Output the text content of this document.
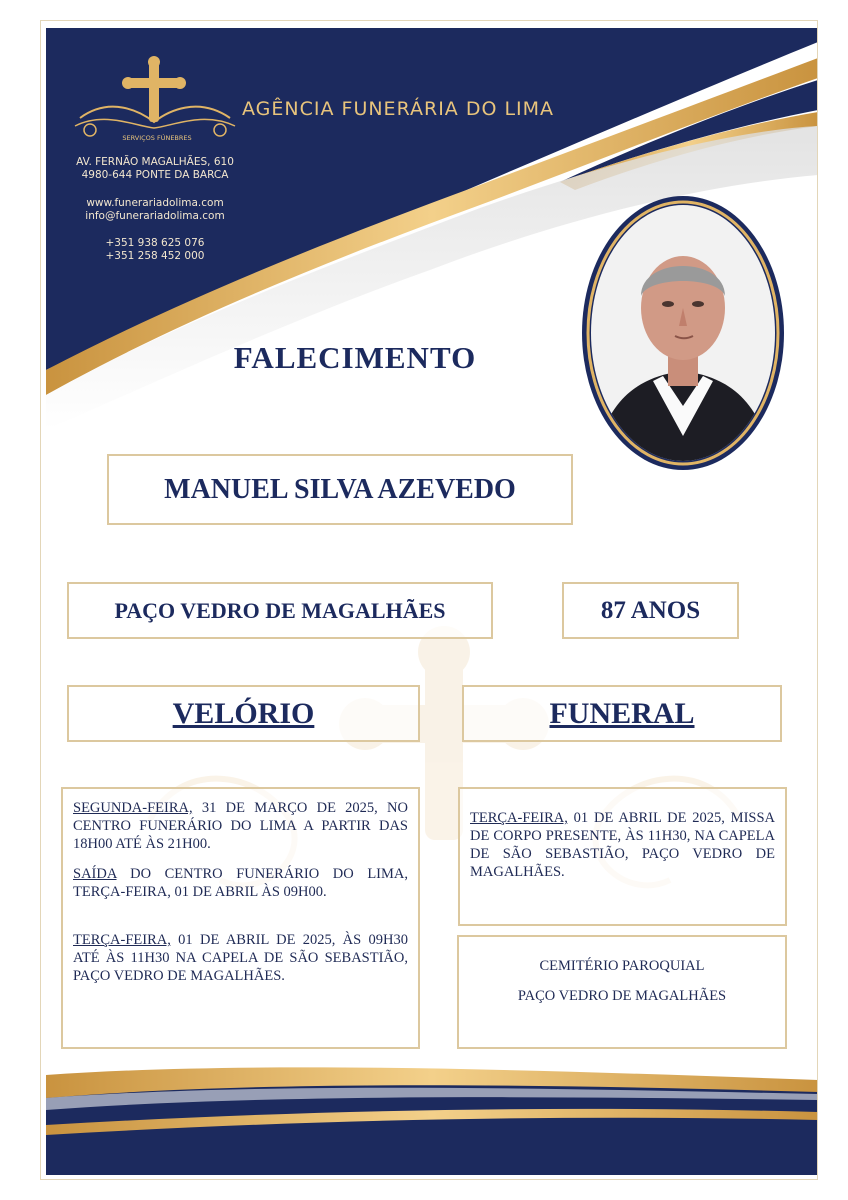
SERVIÇOS FÚNEBRES
AGÊNCIA FUNERÁRIA DO LIMA
AV. FERNÃO MAGALHÃES, 610
4980-644 PONTE DA BARCA
www.funerariadolima.com
info@funerariadolima.com
+351 938 625 076
+351 258 452 000
FALECIMENTO
MANUEL SILVA AZEVEDO
PAÇO VEDRO DE MAGALHÃES	87 ANOS
VELÓRIO	FUNERAL

SEGUNDA-FEIRA, 31 DE MARÇO DE 2025, NO CENTRO FUNERÁRIO DO LIMA A PARTIR DAS 18H00 ATÉ ÀS 21H00.

SAÍDA DO CENTRO FUNERÁRIO DO LIMA, TERÇA-FEIRA, 01 DE ABRIL ÀS 09H00.

TERÇA-FEIRA, 01 DE ABRIL DE 2025, ÀS 09H30 ATÉ ÀS 11H30 NA CAPELA DE SÃO SEBASTIÃO, PAÇO VEDRO DE MAGALHÃES.

TERÇA-FEIRA, 01 DE ABRIL DE 2025, MISSA DE CORPO PRESENTE, ÀS 11H30, NA CAPELA DE SÃO SEBASTIÃO, PAÇO VEDRO DE MAGALHÃES.

CEMITÉRIO PAROQUIAL

PAÇO VEDRO DE MAGALHÃES
